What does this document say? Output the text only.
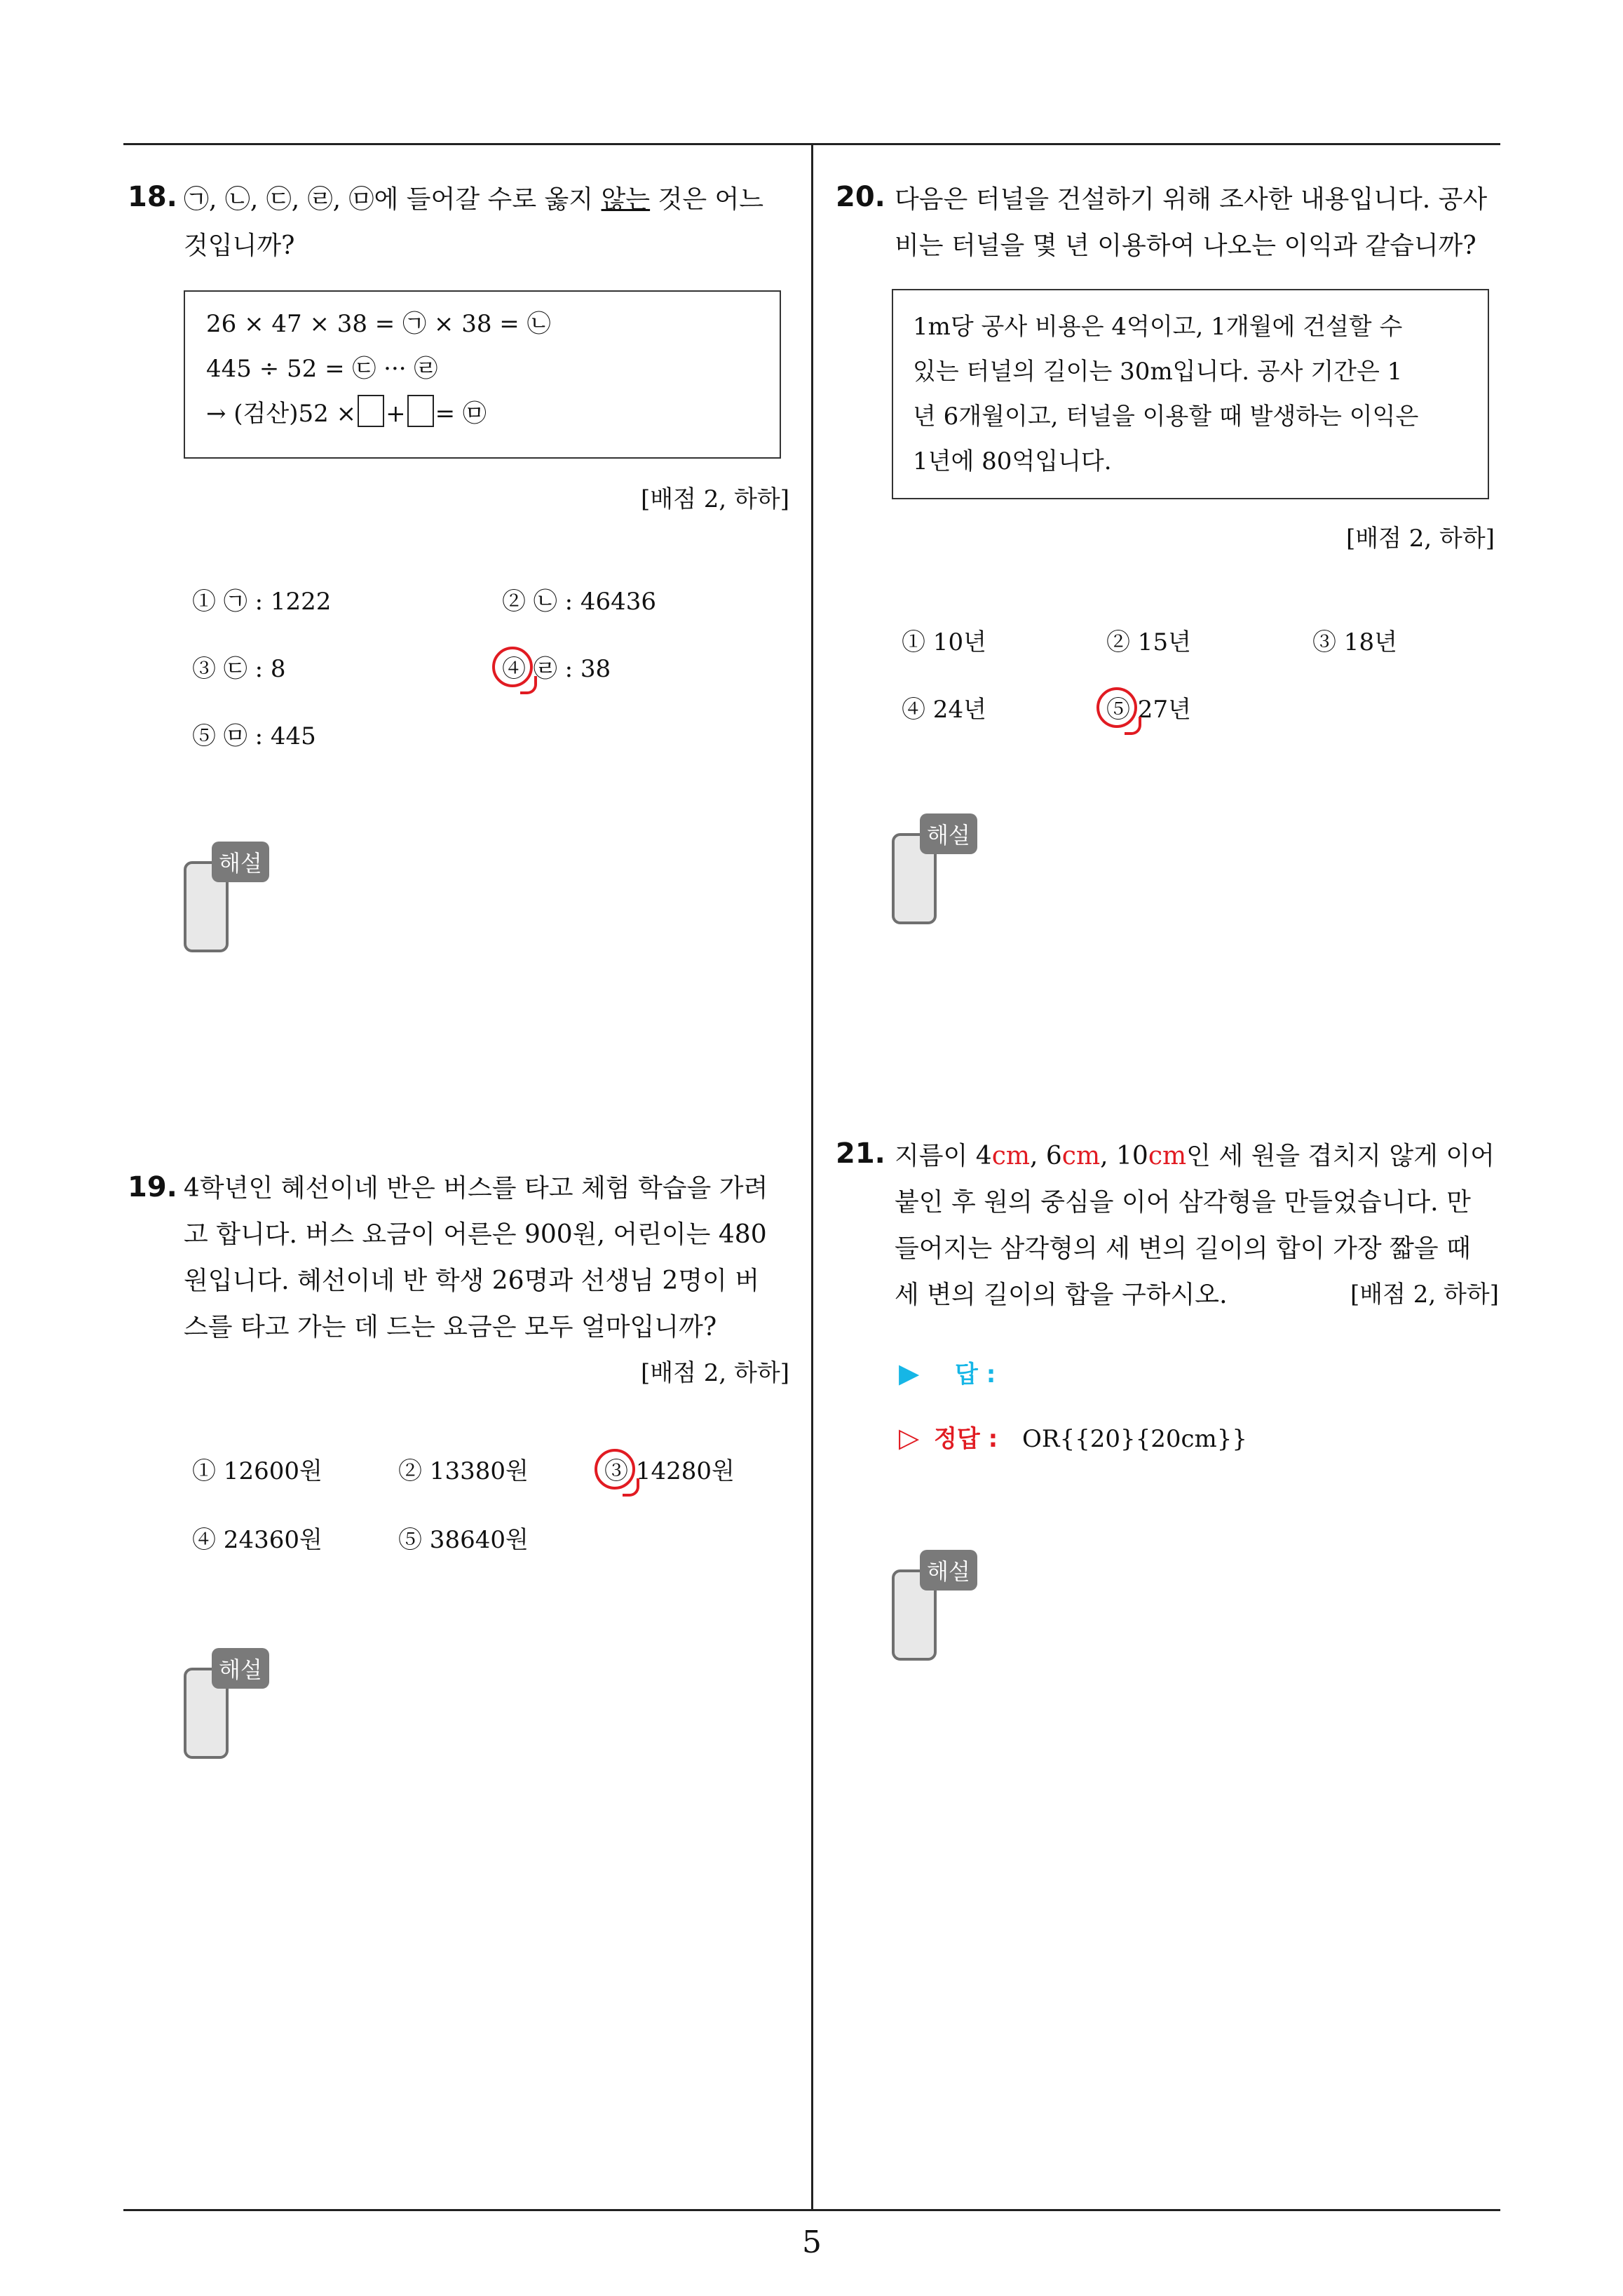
18. ㉠, ㉡, ㉢, ㉣, ㉤에 들어갈 수로 옳지 않는 것은 어느
것입니까?
26 × 47 × 38 = ㉠ × 38 = ㉡
445 ÷ 52 = ㉢ ··· ㉣
→ (검산)52 × + = ㉤
[배점 2, 하하]
① ㉠ : 1222	② ㉡ : 46436
③ ㉢ : 8	④ ㉣ : 38
⑤ ㉤ : 445
해설
19. 4학년인 혜선이네 반은 버스를 타고 체험 학습을 가려
고 합니다. 버스 요금이 어른은 900원, 어린이는 480
원입니다. 혜선이네 반 학생 26명과 선생님 2명이 버
스를 타고 가는 데 드는 요금은 모두 얼마입니까?
[배점 2, 하하]
① 12600원	② 13380원	③ 14280원
④ 24360원	⑤ 38640원
해설
20. 다음은 터널을 건설하기 위해 조사한 내용입니다. 공사
비는 터널을 몇 년 이용하여 나오는 이익과 같습니까?
1m당 공사 비용은 4억이고, 1개월에 건설할 수
있는 터널의 길이는 30m입니다. 공사 기간은 1
년 6개월이고, 터널을 이용할 때 발생하는 이익은
1년에 80억입니다.
[배점 2, 하하]
① 10년	② 15년	③ 18년
④ 24년	⑤ 27년
해설
21. 지름이 4cm, 6cm, 10cm인 세 원을 겹치지 않게 이어
붙인 후 원의 중심을 이어 삼각형을 만들었습니다. 만
들어지는 삼각형의 세 변의 길이의 합이 가장 짧을 때
세 변의 길이의 합을 구하시오.	[배점 2, 하하]
▶ 답 :
▷ 정답 : OR{{20}{20cm}}
해설
5
